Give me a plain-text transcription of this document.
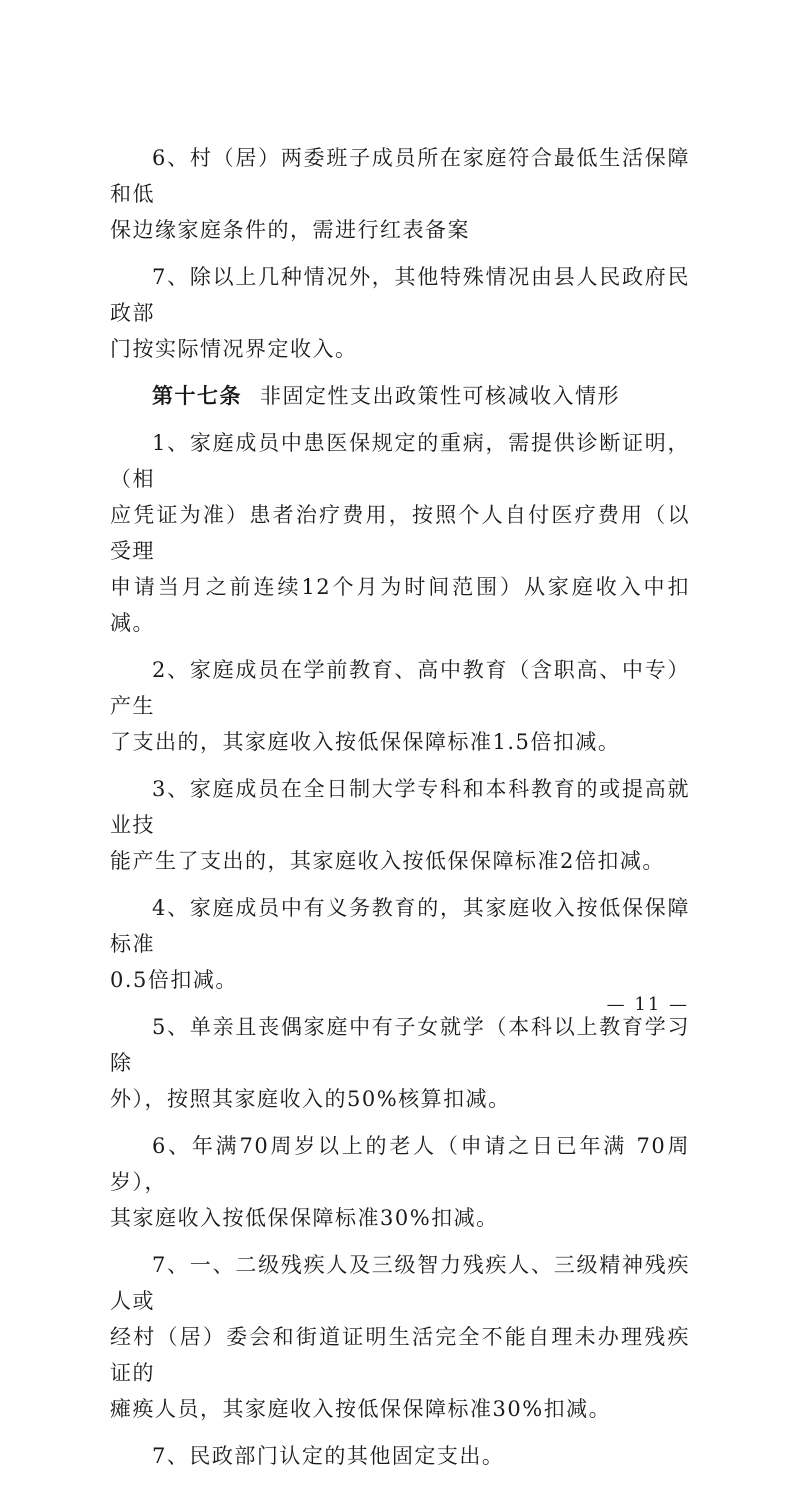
6、村（居）两委班子成员所在家庭符合最低生活保障和低
保边缘家庭条件的，需进行红表备案

7、除以上几种情况外，其他特殊情况由县人民政府民政部
门按实际情况界定收入。

第十七条 非固定性支出政策性可核减收入情形

1、家庭成员中患医保规定的重病，需提供诊断证明，（相
应凭证为准）患者治疗费用，按照个人自付医疗费用（以受理
申请当月之前连续12个月为时间范围）从家庭收入中扣减。

2、家庭成员在学前教育、高中教育（含职高、中专）产生
了支出的，其家庭收入按低保保障标准1.5倍扣减。

3、家庭成员在全日制大学专科和本科教育的或提高就业技
能产生了支出的，其家庭收入按低保保障标准2倍扣减。

4、家庭成员中有义务教育的，其家庭收入按低保保障标准
0.5倍扣减。

5、单亲且丧偶家庭中有子女就学（本科以上教育学习除
外），按照其家庭收入的50%核算扣减。

6、年满70周岁以上的老人（申请之日已年满 70周岁），
其家庭收入按低保保障标准30%扣减。

7、一、二级残疾人及三级智力残疾人、三级精神残疾人或
经村（居）委会和街道证明生活完全不能自理未办理残疾证的
瘫痪人员，其家庭收入按低保保障标准30%扣减。

7、民政部门认定的其他固定支出。

— 11 —
